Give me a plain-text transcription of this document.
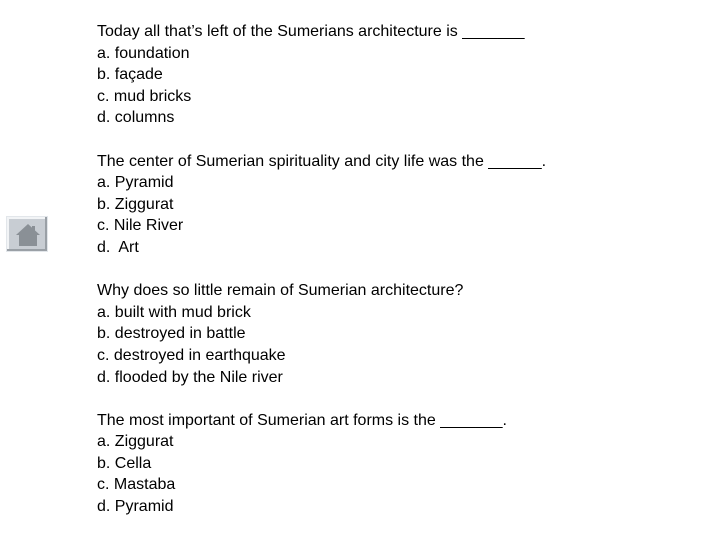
Today all that’s left of the Sumerians architecture is _______
a. foundation
b. façade
c. mud bricks
d. columns
The center of Sumerian spirituality and city life was the ______.
a. Pyramid
b. Ziggurat
c. Nile River
d.  Art
Why does so little remain of Sumerian architecture?
a. built with mud brick
b. destroyed in battle
c. destroyed in earthquake
d. flooded by the Nile river
The most important of Sumerian art forms is the _______.
a. Ziggurat
b. Cella
c. Mastaba
d. Pyramid
